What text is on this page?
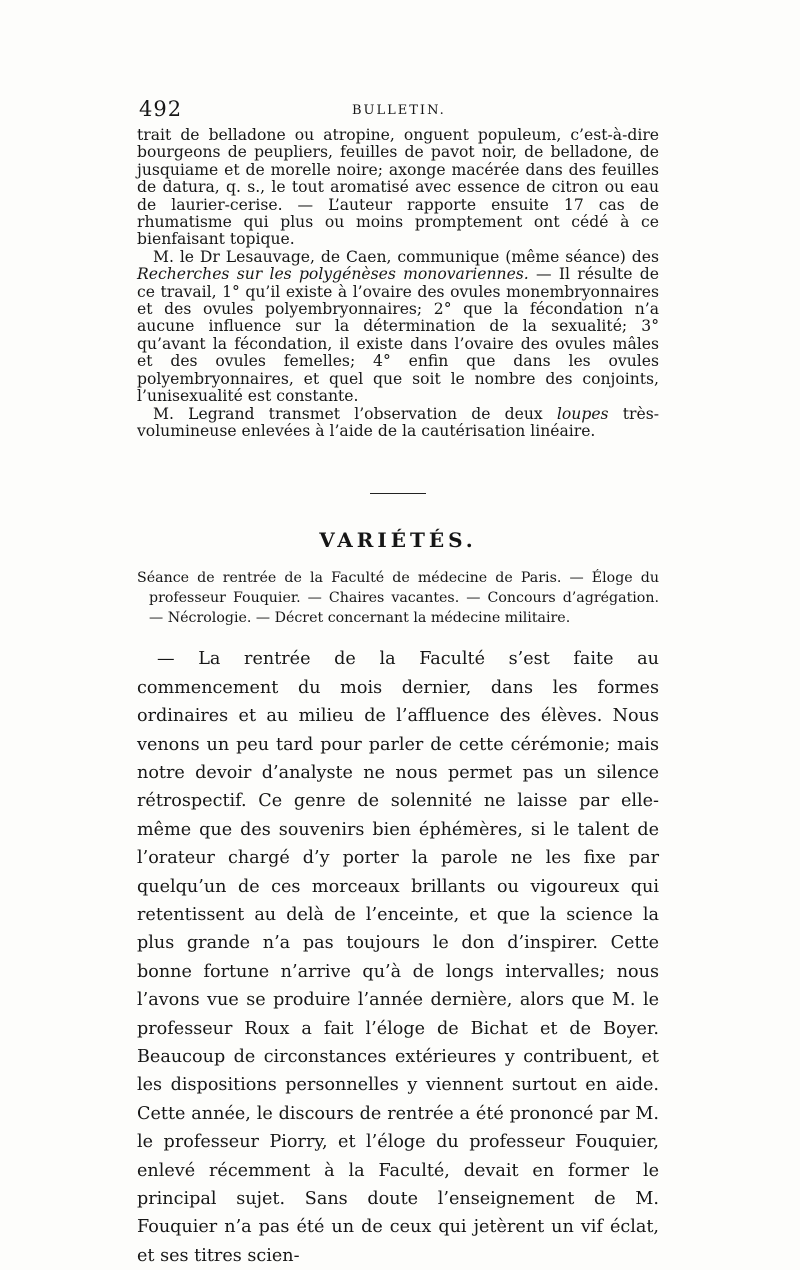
492	BULLETIN.

trait de belladone ou atropine, onguent populeum, c’est-à-dire bourgeons de peupliers, feuilles de pavot noir, de belladone, de jusquiame et de morelle noire; axonge macérée dans des feuilles de datura, q. s., le tout aromatisé avec essence de citron ou eau de laurier-cerise. — L’auteur rapporte ensuite 17 cas de rhumatisme qui plus ou moins promptement ont cédé à ce bienfaisant topique.

M. le Dr Lesauvage, de Caen, communique (même séance) des Recherches sur les polygénèses monovariennes. — Il résulte de ce travail, 1° qu’il existe à l’ovaire des ovules monembryonnaires et des ovules polyembryonnaires; 2° que la fécondation n’a aucune influence sur la détermination de la sexualité; 3° qu’avant la fécondation, il existe dans l’ovaire des ovules mâles et des ovules femelles; 4° enfin que dans les ovules polyembryonnaires, et quel que soit le nombre des conjoints, l’unisexualité est constante.

M. Legrand transmet l’observation de deux loupes très-volumineuse enlevées à l’aide de la cautérisation linéaire.

VARIÉTÉS.

Séance de rentrée de la Faculté de médecine de Paris. — Éloge du professeur Fouquier. — Chaires vacantes. — Concours d’agrégation. — Nécrologie. — Décret concernant la médecine militaire.

— La rentrée de la Faculté s’est faite au commencement du mois dernier, dans les formes ordinaires et au milieu de l’affluence des élèves. Nous venons un peu tard pour parler de cette cérémonie; mais notre devoir d’analyste ne nous permet pas un silence rétrospectif. Ce genre de solennité ne laisse par elle-même que des souvenirs bien éphémères, si le talent de l’orateur chargé d’y porter la parole ne les fixe par quelqu’un de ces morceaux brillants ou vigoureux qui retentissent au delà de l’enceinte, et que la science la plus grande n’a pas toujours le don d’inspirer. Cette bonne fortune n’arrive qu’à de longs intervalles; nous l’avons vue se produire l’année dernière, alors que M. le professeur Roux a fait l’éloge de Bichat et de Boyer. Beaucoup de circonstances extérieures y contribuent, et les dispositions personnelles y viennent surtout en aide. Cette année, le discours de rentrée a été prononcé par M. le professeur Piorry, et l’éloge du professeur Fouquier, enlevé récemment à la Faculté, devait en former le principal sujet. Sans doute l’enseignement de M. Fouquier n’a pas été un de ceux qui jetèrent un vif éclat, et ses titres scien-
